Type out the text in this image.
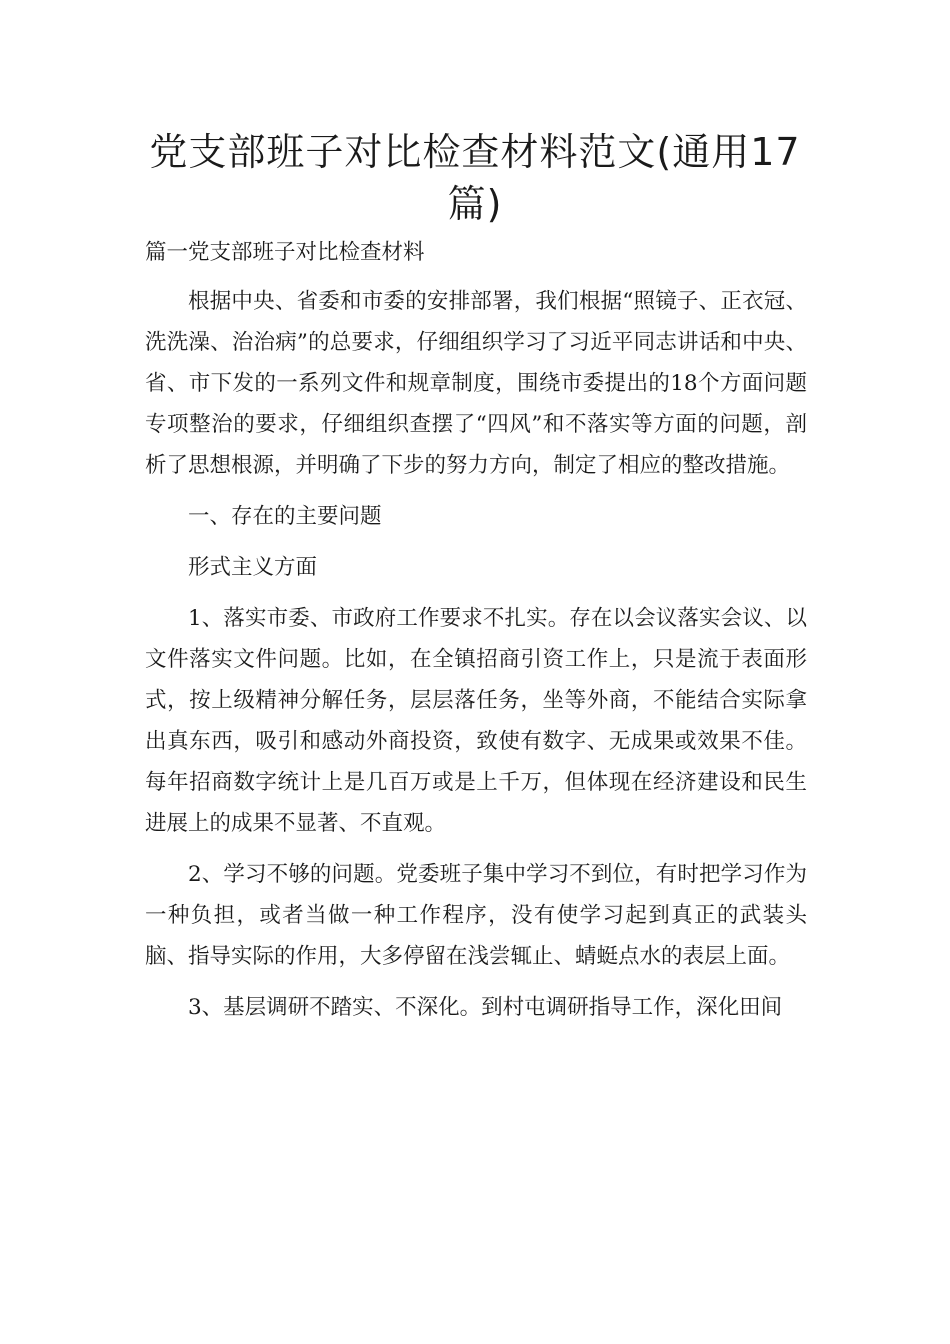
党支部班子对比检查材料范文(通用17篇)

篇一党支部班子对比检查材料

根据中央、省委和市委的安排部署，我们根据“照镜子、正衣冠、洗洗澡、治治病”的总要求，仔细组织学习了习近平同志讲话和中央、省、市下发的一系列文件和规章制度，围绕市委提出的18个方面问题专项整治的要求，仔细组织查摆了“四风”和不落实等方面的问题，剖析了思想根源，并明确了下步的努力方向，制定了相应的整改措施。

一、存在的主要问题

形式主义方面

1、落实市委、市政府工作要求不扎实。存在以会议落实会议、以文件落实文件问题。比如，在全镇招商引资工作上，只是流于表面形式，按上级精神分解任务，层层落任务，坐等外商，不能结合实际拿出真东西，吸引和感动外商投资，致使有数字、无成果或效果不佳。每年招商数字统计上是几百万或是上千万，但体现在经济建设和民生进展上的成果不显著、不直观。

2、学习不够的问题。党委班子集中学习不到位，有时把学习作为一种负担，或者当做一种工作程序，没有使学习起到真正的武装头脑、指导实际的作用，大多停留在浅尝辄止、蜻蜓点水的表层上面。

3、基层调研不踏实、不深化。到村屯调研指导工作，深化田间
